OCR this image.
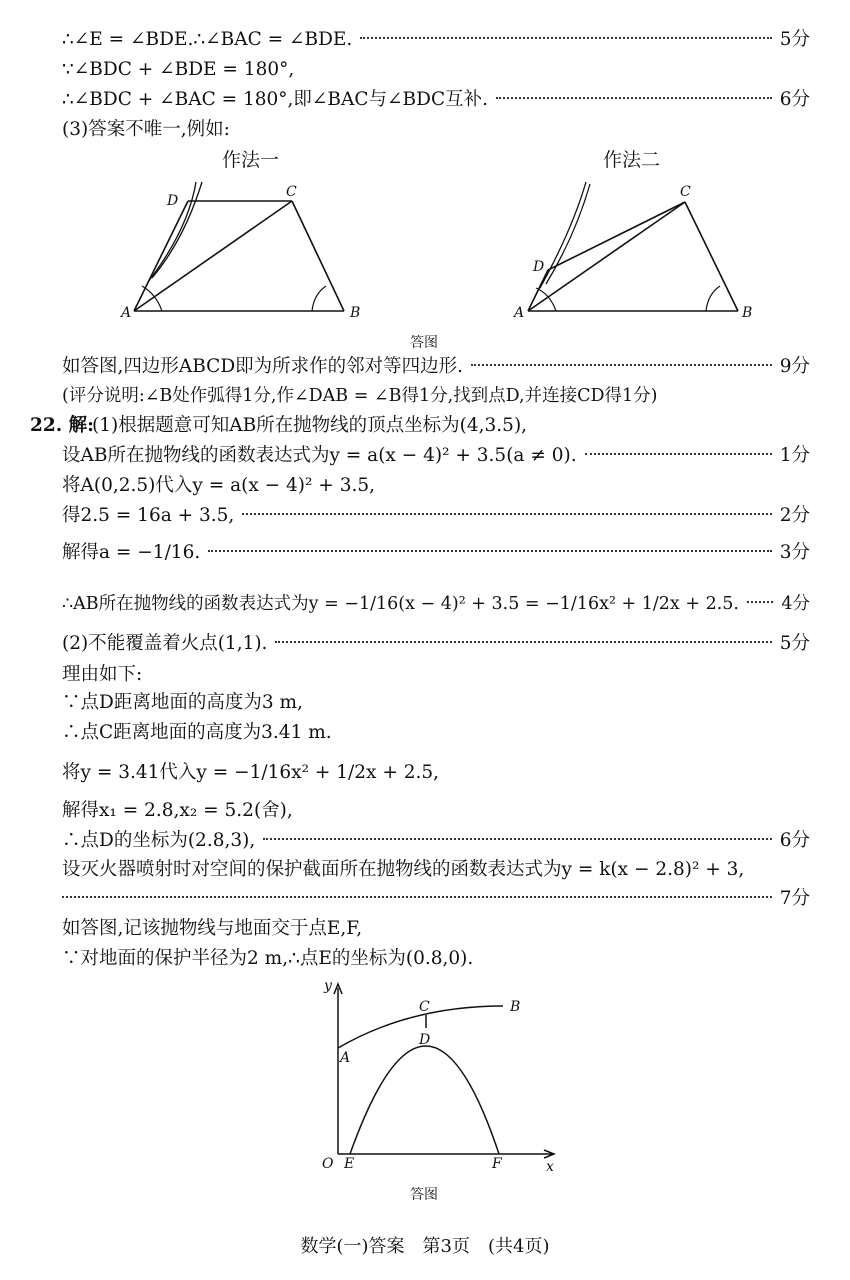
∴∠E = ∠BDE.∴∠BAC = ∠BDE.	5分
∵∠BDC + ∠BDE = 180°,
∴∠BDC + ∠BAC = 180°,即∠BAC与∠BDC互补.	6分
(3)答案不唯一,例如:
作法一	作法二
A	B
C
D
A	B
C
D
答图
如答图,四边形ABCD即为所求作的邻对等四边形.	9分
(评分说明:∠B处作弧得1分,作∠DAB = ∠B得1分,找到点D,并连接CD得1分)
22. 解:
(1)根据题意可知AB所在抛物线的顶点坐标为(4,3.5),
设AB所在抛物线的函数表达式为y = a(x − 4)² + 3.5(a ≠ 0).	1分
将A(0,2.5)代入y = a(x − 4)² + 3.5,
得2.5 = 16a + 3.5,	2分
解得a = −1/16.	3分
∴AB所在抛物线的函数表达式为y = −1/16(x − 4)² + 3.5 = −1/16x² + 1/2x + 2.5. 4分
(2)不能覆盖着火点(1,1).	5分
理由如下:
∵点D距离地面的高度为3 m,
∴点C距离地面的高度为3.41 m.
将y = 3.41代入y = −1/16x² + 1/2x + 2.5,
解得x₁ = 2.8,x₂ = 5.2(舍),
∴点D的坐标为(2.8,3),	6分
设灭火器喷射时对空间的保护截面所在抛物线的函数表达式为y = k(x − 2.8)² + 3,
7分
如答图,记该抛物线与地面交于点E,F,
∵对地面的保护半径为2 m,∴点E的坐标为(0.8,0).
y
x
O E	F
A
B
C
D
答图
数学(一)答案　第3页　(共4页)
